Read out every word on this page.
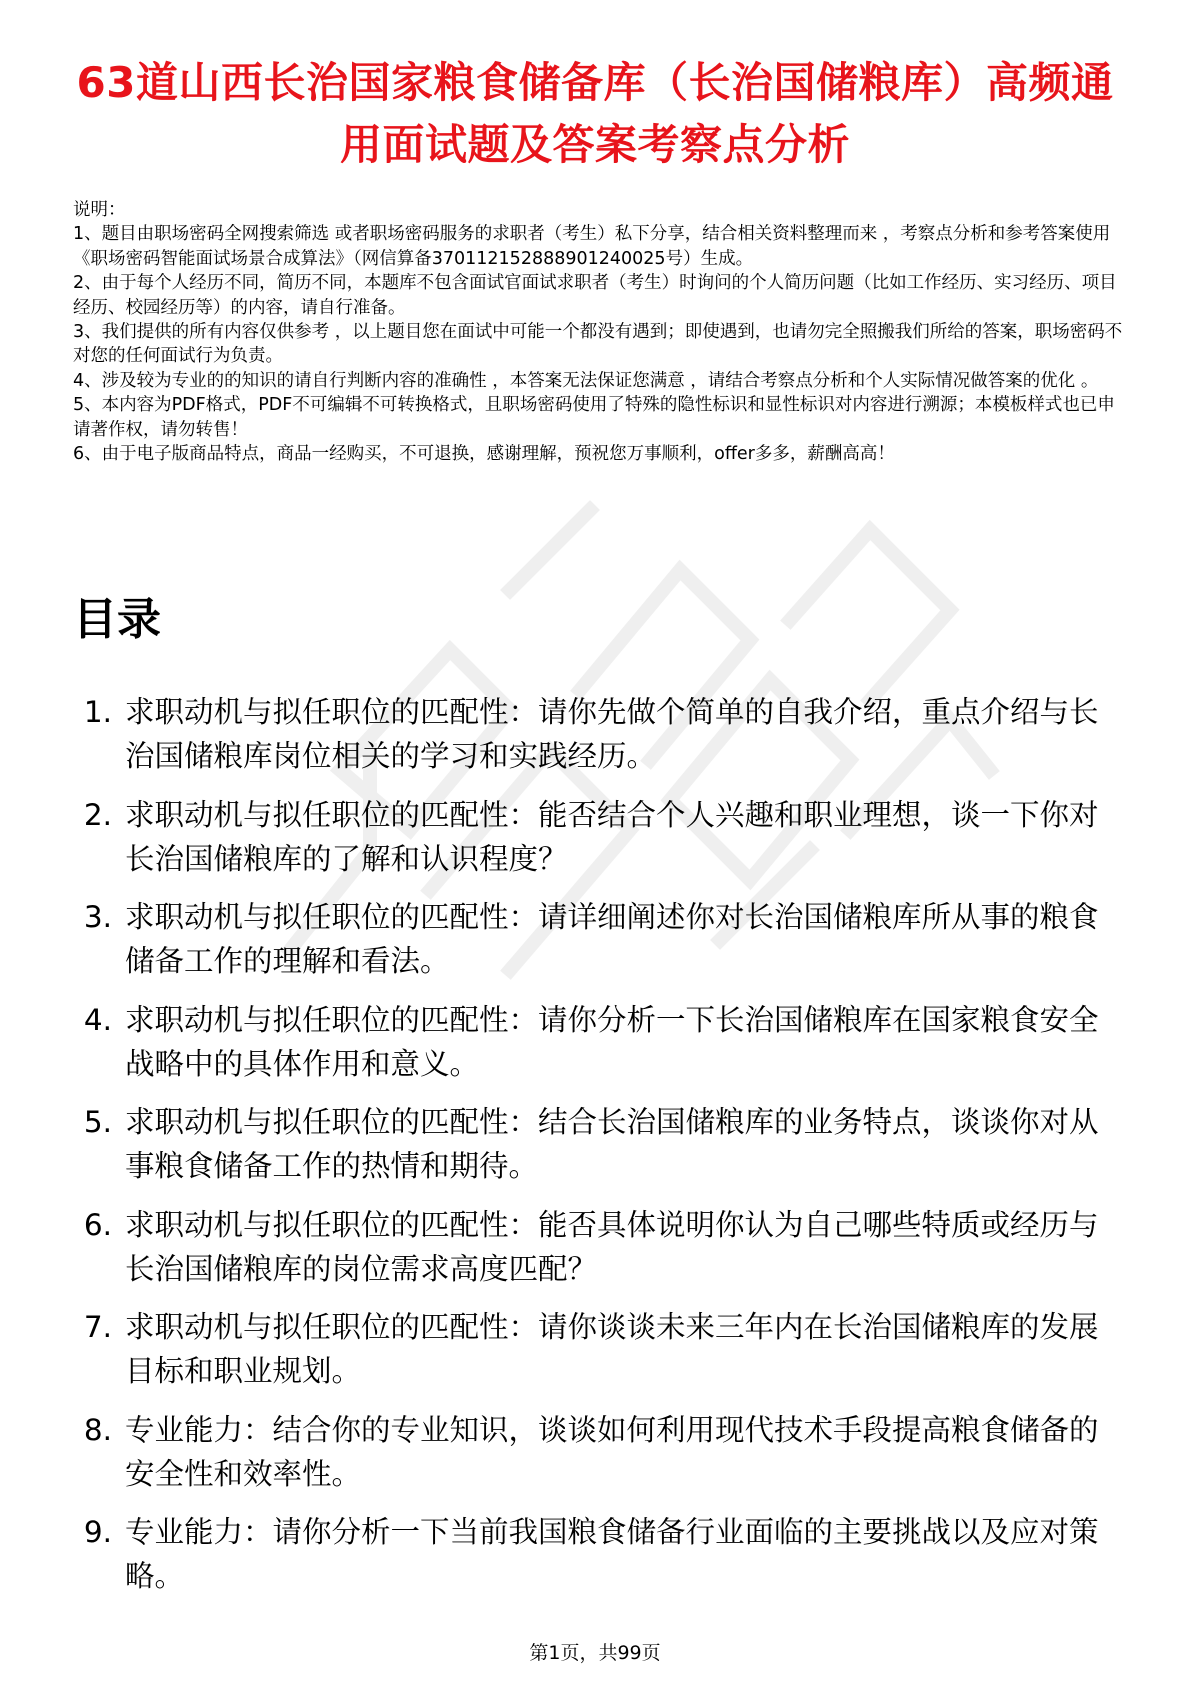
63道山西长治国家粮食储备库（长治国储粮库）高频通用面试题及答案考察点分析

说明：

1、题目由职场密码全网搜索筛选 或者职场密码服务的求职者（考生）私下分享，结合相关资料整理而来 ，考察点分析和参考答案使用《职场密码智能面试场景合成算法》（网信算备370112152888901240025号）生成。

2、由于每个人经历不同，简历不同，本题库不包含面试官面试求职者（考生）时询问的个人简历问题（比如工作经历、实习经历、项目经历、校园经历等）的内容，请自行准备。

3、我们提供的所有内容仅供参考 ，以上题目您在面试中可能一个都没有遇到；即使遇到，也请勿完全照搬我们所给的答案，职场密码不对您的任何面试行为负责。

4、涉及较为专业的的知识的请自行判断内容的准确性 ，本答案无法保证您满意 ，请结合考察点分析和个人实际情况做答案的优化 。

5、本内容为PDF格式，PDF不可编辑不可转换格式，且职场密码使用了特殊的隐性标识和显性标识对内容进行溯源；本模板样式也已申请著作权，请勿转售！

6、由于电子版商品特点，商品一经购买，不可退换，感谢理解，预祝您万事顺利，offer多多，薪酬高高！

目录
1. 求职动机与拟任职位的匹配性：请你先做个简单的自我介绍，重点介绍与长治国储粮库岗位相关的学习和实践经历。
2. 求职动机与拟任职位的匹配性：能否结合个人兴趣和职业理想，谈一下你对长治国储粮库的了解和认识程度？
3. 求职动机与拟任职位的匹配性：请详细阐述你对长治国储粮库所从事的粮食储备工作的理解和看法。
4. 求职动机与拟任职位的匹配性：请你分析一下长治国储粮库在国家粮食安全战略中的具体作用和意义。
5. 求职动机与拟任职位的匹配性：结合长治国储粮库的业务特点，谈谈你对从事粮食储备工作的热情和期待。
6. 求职动机与拟任职位的匹配性：能否具体说明你认为自己哪些特质或经历与长治国储粮库的岗位需求高度匹配？
7. 求职动机与拟任职位的匹配性：请你谈谈未来三年内在长治国储粮库的发展目标和职业规划。
8. 专业能力：结合你的专业知识，谈谈如何利用现代技术手段提高粮食储备的安全性和效率性。
9. 专业能力：请你分析一下当前我国粮食储备行业面临的主要挑战以及应对策略。
第1页，共99页
